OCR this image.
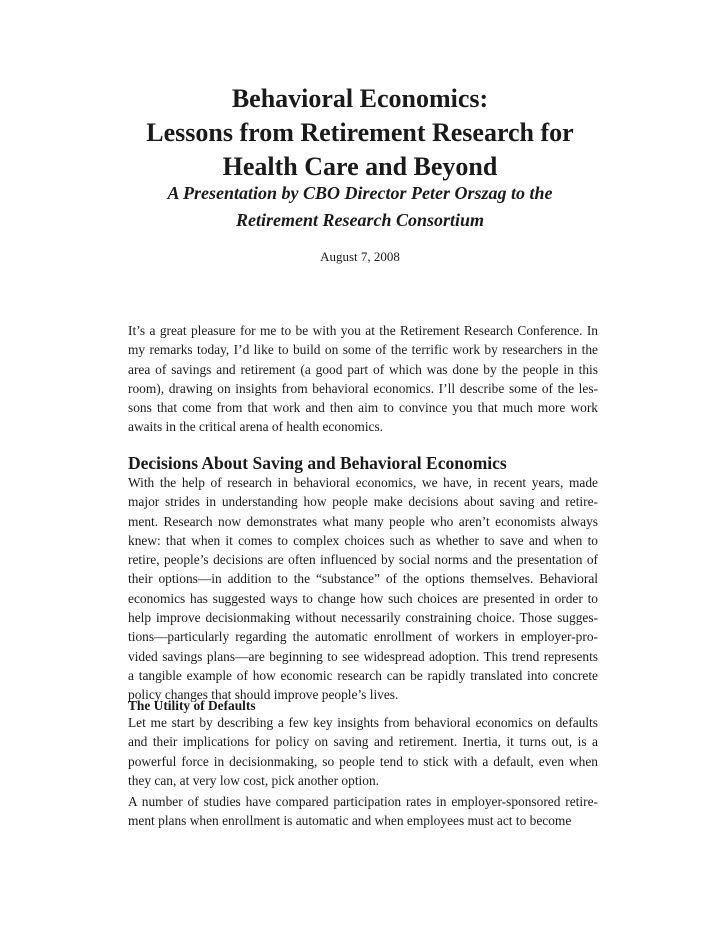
Behavioral Economics:
Lessons from Retirement Research for
Health Care and Beyond
A Presentation by CBO Director Peter Orszag to the
Retirement Research Consortium
August 7, 2008
It’s a great pleasure for me to be with you at the Retirement Research Conference. In
my remarks today, I’d like to build on some of the terrific work by researchers in the
area of savings and retirement (a good part of which was done by the people in this
room), drawing on insights from behavioral economics. I’ll describe some of the les-
sons that come from that work and then aim to convince you that much more work
awaits in the critical arena of health economics.
Decisions About Saving and Behavioral Economics
With the help of research in behavioral economics, we have, in recent years, made
major strides in understanding how people make decisions about saving and retire-
ment. Research now demonstrates what many people who aren’t economists always
knew: that when it comes to complex choices such as whether to save and when to
retire, people’s decisions are often influenced by social norms and the presentation of
their options—in addition to the “substance” of the options themselves. Behavioral
economics has suggested ways to change how such choices are presented in order to
help improve decisionmaking without necessarily constraining choice. Those sugges-
tions—particularly regarding the automatic enrollment of workers in employer-pro-
vided savings plans—are beginning to see widespread adoption. This trend represents
a tangible example of how economic research can be rapidly translated into concrete
policy changes that should improve people’s lives.
The Utility of Defaults
Let me start by describing a few key insights from behavioral economics on defaults
and their implications for policy on saving and retirement. Inertia, it turns out, is a
powerful force in decisionmaking, so people tend to stick with a default, even when
they can, at very low cost, pick another option.
A number of studies have compared participation rates in employer-sponsored retire-
ment plans when enrollment is automatic and when employees must act to become
